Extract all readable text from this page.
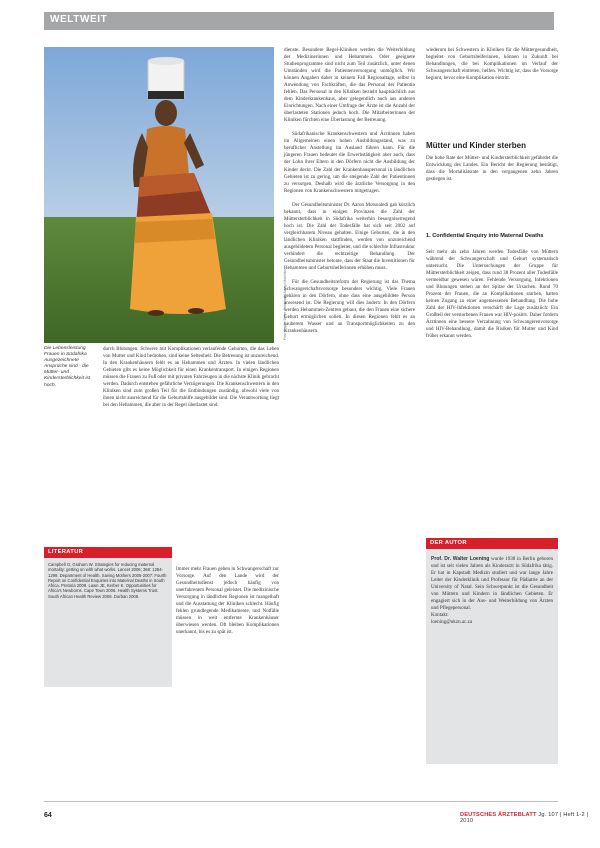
WELTWEIT
Foto: Brigitte Dahm Gottschalk/ Alamy/ Mauritius
Die Lebensleistung Frauen in Südafrika Ausgezeichnete Ansprüche sind - die Mütter- und Kindersterblichkeit ist hoch.

dienste. Besondere Regel-Kliniken werden die Weiterbildung der Medizinerinnen und Hebammen. Oder geeignete Studienprogramme sind nicht zum Teil zusätzlich, unter denen Umständen wird die Patientenversorgung unmöglich. Wir können Angaben daher in keinem Fall Regionaltage, selbst in Anwendung von Fachkräften, die das Personal der Patientin fehlen. Das Personal in den Kliniken bezieht hauptsächlich aus dem Kinderkrankenhaus, aber gelegentlich auch aus anderen Einrichtungen. Nach einer Umfrage der Ärzte ist die Anzahl der überlasteten Stationen jedoch hoch. Die Mitarbeiterinnen der Kliniken fürchten eine Überlastung der Betreuung.

Südafrikanische Krankenschwestern und Ärztinnen haben im Allgemeinen einen hohen Ausbildungsstand, was zu beruflicher Anstellung im Ausland führen kann. Für die jüngeren Frauen bedeutet die Erwerbstätigkeit aber auch, dass der Lohn ihrer Eltern in den Dörfern nicht die Ausbildung der Kinder deckt. Die Zahl der Krankenhauspersonal in ländlichen Gebieten ist zu gering, um die steigende Zahl der Patientinnen zu versorgen. Deshalb wird die ärztliche Versorgung in den Regionen von Krankenschwestern mitgetragen.

Der Gesundheitsminister Dr. Aaron Motsoaledi gab kürzlich bekannt, dass in einigen Provinzen die Zahl der Müttersterblichkeit in Südafrika weiterhin besorgniserregend hoch ist. Die Zahl der Todesfälle hat sich seit 2002 auf vergleichbarem Niveau gehalten. Einige Geburten, die in den ländlichen Kliniken stattfinden, werden von unzureichend ausgebildetem Personal begleitet, und die schlechte Infrastruktur verhindert die rechtzeitige Behandlung. Der Gesundheitsminister betonte, dass der Staat die Investitionen für Hebammen und Geburtshelferinnen erhöhen muss.

Für die Gesundheitsreform der Regierung ist das Thema Schwangerschaftsvorsorge besonders wichtig. Viele Frauen gebären in den Dörfern, ohne dass eine ausgebildete Person anwesend ist. Die Regierung will dies ändern: In den Dörfern werden Hebammen-Zentren gebaut, die den Frauen eine sichere Geburt ermöglichen sollen. In diesen Regionen fehlt es an sauberem Wasser und an Transportmöglichkeiten zu den Krankenhäusern.

wiederum bei Schwestern in Kliniken für die Müttergesundheit, begleitet von Geburtshelferinnen, können in Zukunft bei Behandlungen, die bei Komplikationen im Verlauf der Schwangerschaft eintreten, helfen. Wichtig ist, dass die Vorsorge beginnt, bevor eine Komplikation eintritt.

Mütter und Kinder sterben

Die hohe Rate der Mütter- und Kindersterblichkeit gefährdet die Entwicklung des Landes. Ein Bericht der Regierung bestätigt, dass die Mortalitätsrate in den vergangenen zehn Jahren gestiegen ist.

1. Confidential Enquiry into Maternal Deaths

Seit mehr als zehn Jahren werden Todesfälle von Müttern während der Schwangerschaft und Geburt systematisch untersucht. Die Untersuchungen der Gruppe für Müttersterblichkeit zeigen, dass rund 38 Prozent aller Todesfälle vermeidbar gewesen wären. Fehlende Versorgung, Infektionen und Blutungen stehen an der Spitze der Ursachen. Rund 70 Prozent der Frauen, die an Komplikationen starben, hatten keinen Zugang zu einer angemessenen Behandlung. Die hohe Zahl der HIV-Infektionen verschärft die Lage zusätzlich: Ein Großteil der verstorbenen Frauen war HIV-positiv. Daher fordern Ärztinnen eine bessere Verzahnung von Schwangerenvorsorge und HIV-Behandlung, damit die Risiken für Mutter und Kind früher erkannt werden.

durch Blutungen. Schwere mit Komplikationen verlaufende Geburten, die das Leben von Mutter und Kind bedrohen, sind keine Seltenheit. Die Betreuung ist unzureichend. In den Krankenhäusern fehlt es an Hebammen und Ärzten. In vielen ländlichen Gebieten gibt es keine Möglichkeit für einen Krankentransport. In einigen Regionen müssen die Frauen zu Fuß oder mit privaten Fahrzeugen in die nächste Klinik gebracht werden. Dadurch entstehen gefährliche Verzögerungen. Die Krankenschwestern in den Kliniken sind zum großen Teil für die Entbindungen zuständig, obwohl viele von ihnen nicht ausreichend für die Geburtshilfe ausgebildet sind. Die Verantwortung liegt bei den Hebammen, die aber in der Regel überlastet sind.

Immer mehr Frauen gehen in Schwangerschaft zur Vorsorge. Auf den Lande wird der Gesundheitsdienst jedoch häufig von unerfahrenem Personal geleistet. Die medizinische Versorgung in ländlichen Regionen ist mangelhaft und die Ausstattung der Kliniken schlecht. Häufig fehlen grundlegende Medikamente, und Notfälle müssen in weit entfernte Krankenhäuser überwiesen werden. Oft bleiben Komplikationen unerkannt, bis es zu spät ist.

LITERATUR
Campbell O, Graham W. Strategies for reducing maternal mortality: getting on with what works. Lancet 2006; 368: 1284-1299. Department of Health. Saving Mothers 2005-2007: Fourth Report on Confidential Enquiries into Maternal Deaths in South Africa. Pretoria 2009. Lawn JE, Kerber K. Opportunities for Africa's Newborns. Cape Town 2006. Health Systems Trust. South African Health Review 2008. Durban 2008.
DER AUTOR
Prof. Dr. Walter Loening wurde 1938 in Berlin geboren und ist seit vielen Jahren als Kinderarzt in Südafrika tätig. Er hat in Kapstadt Medizin studiert und war lange Jahre Leiter der Kinderklinik und Professor für Pädiatrie an der University of Natal. Sein Schwerpunkt ist die Gesundheit von Müttern und Kindern in ländlichen Gebieten. Er engagiert sich in der Aus- und Weiterbildung von Ärzten und Pflegepersonal.
Kontakt:
loening@ukzn.ac.za
64	DEUTSCHES ÄRZTEBLATT Jg. 107 | Heft 1-2 | 2010
